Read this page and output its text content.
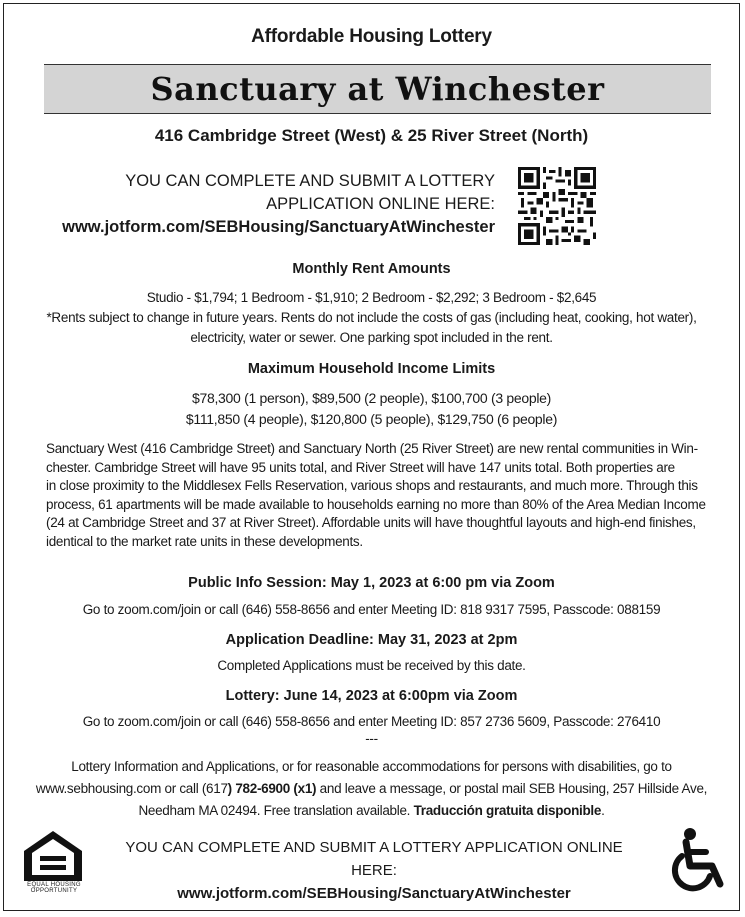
Affordable Housing Lottery
Sanctuary at Winchester
416 Cambridge Street (West) & 25 River Street (North)
YOU CAN COMPLETE AND SUBMIT A LOTTERY
APPLICATION ONLINE HERE:
www.jotform.com/SEBHousing/SanctuaryAtWinchester
Monthly Rent Amounts
Studio - $1,794; 1 Bedroom - $1,910; 2 Bedroom - $2,292; 3 Bedroom - $2,645
*Rents subject to change in future years. Rents do not include the costs of gas (including heat, cooking, hot water),
electricity, water or sewer. One parking spot included in the rent.
Maximum Household Income Limits
$78,300 (1 person), $89,500 (2 people), $100,700 (3 people)
$111,850 (4 people), $120,800 (5 people), $129,750 (6 people)
Sanctuary West (416 Cambridge Street) and Sanctuary North (25 River Street) are new rental communities in Win-
chester. Cambridge Street will have 95 units total, and River Street will have 147 units total. Both properties are
in close proximity to the Middlesex Fells Reservation, various shops and restaurants, and much more. Through this
process, 61 apartments will be made available to households earning no more than 80% of the Area Median Income
(24 at Cambridge Street and 37 at River Street). Affordable units will have thoughtful layouts and high-end finishes,
identical to the market rate units in these developments.
Public Info Session: May 1, 2023 at 6:00 pm via Zoom
Go to zoom.com/join or call (646) 558-8656 and enter Meeting ID: 818 9317 7595, Passcode: 088159
Application Deadline: May 31, 2023 at 2pm
Completed Applications must be received by this date.
Lottery: June 14, 2023 at 6:00pm via Zoom
Go to zoom.com/join or call (646) 558-8656 and enter Meeting ID: 857 2736 5609, Passcode: 276410
---
Lottery Information and Applications, or for reasonable accommodations for persons with disabilities, go to
www.sebhousing.com or call (617) 782-6900 (x1) and leave a message, or postal mail SEB Housing, 257 Hillside Ave,
Needham MA 02494. Free translation available. Traducción gratuita disponible.
EQUAL HOUSING
OPPORTUNITY
YOU CAN COMPLETE AND SUBMIT A LOTTERY APPLICATION ONLINE HERE:
www.jotform.com/SEBHousing/SanctuaryAtWinchester
